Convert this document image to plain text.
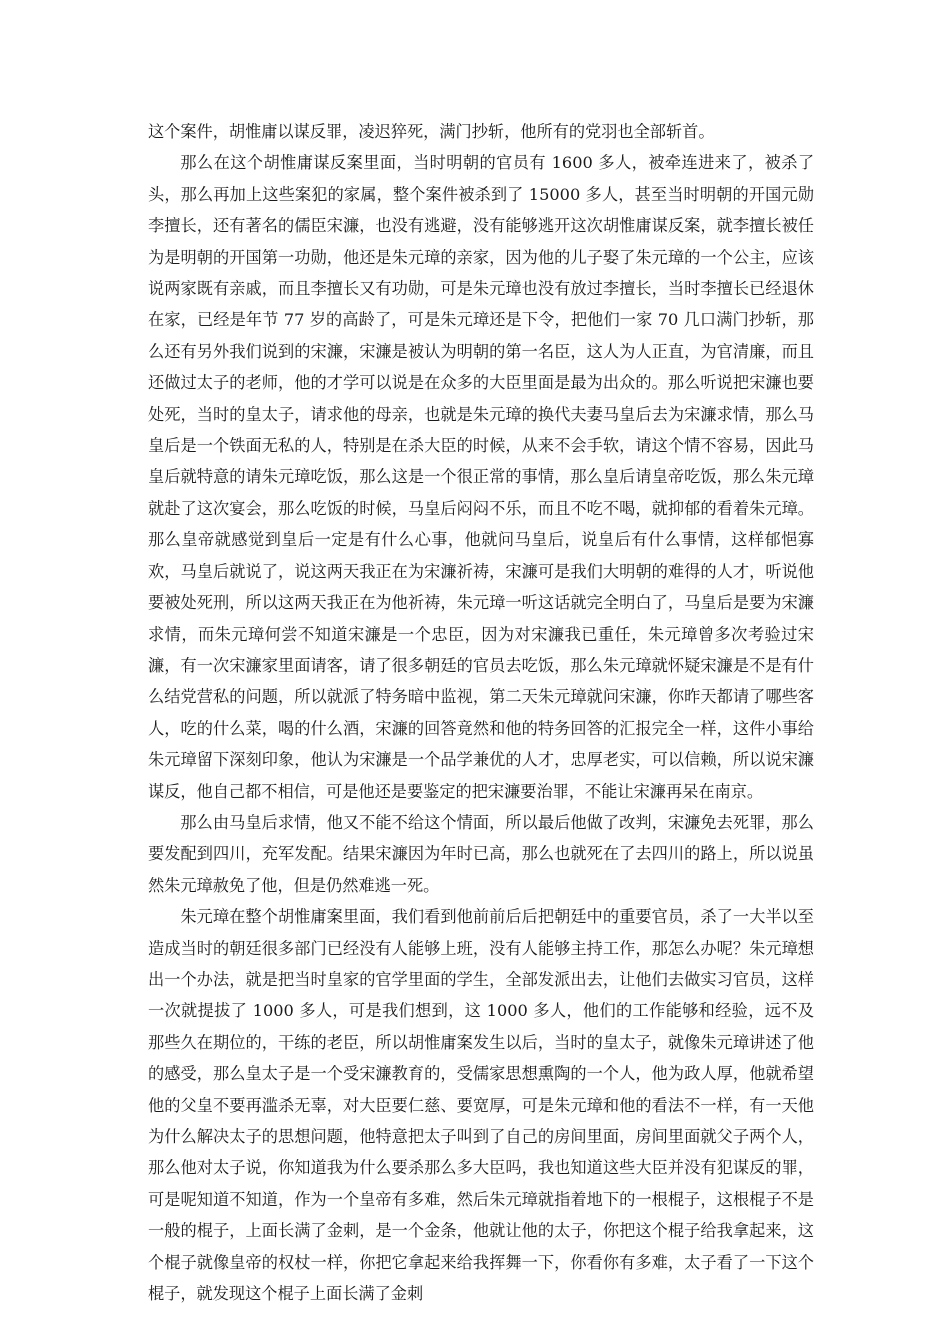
这个案件，胡惟庸以谋反罪，凌迟猝死，满门抄斩，他所有的党羽也全部斩首。

那么在这个胡惟庸谋反案里面，当时明朝的官员有 1600 多人，被牵连进来了，被杀了头，那么再加上这些案犯的家属，整个案件被杀到了 15000 多人，甚至当时明朝的开国元勋李擅长，还有著名的儒臣宋濂，也没有逃避，没有能够逃开这次胡惟庸谋反案，就李擅长被任为是明朝的开国第一功勋，他还是朱元璋的亲家，因为他的儿子娶了朱元璋的一个公主，应该说两家既有亲戚，而且李擅长又有功勋，可是朱元璋也没有放过李擅长，当时李擅长已经退休在家，已经是年节 77 岁的高龄了，可是朱元璋还是下令，把他们一家 70 几口满门抄斩，那么还有另外我们说到的宋濂，宋濂是被认为明朝的第一名臣，这人为人正直，为官清廉，而且还做过太子的老师，他的才学可以说是在众多的大臣里面是最为出众的。那么听说把宋濂也要处死，当时的皇太子，请求他的母亲，也就是朱元璋的换代夫妻马皇后去为宋濂求情，那么马皇后是一个铁面无私的人，特别是在杀大臣的时候，从来不会手软，请这个情不容易，因此马皇后就特意的请朱元璋吃饭，那么这是一个很正常的事情，那么皇后请皇帝吃饭，那么朱元璋就赴了这次宴会，那么吃饭的时候，马皇后闷闷不乐，而且不吃不喝，就抑郁的看着朱元璋。那么皇帝就感觉到皇后一定是有什么心事，他就问马皇后，说皇后有什么事情，这样郁悒寡欢，马皇后就说了，说这两天我正在为宋濂祈祷，宋濂可是我们大明朝的难得的人才，听说他要被处死刑，所以这两天我正在为他祈祷，朱元璋一听这话就完全明白了，马皇后是要为宋濂求情，而朱元璋何尝不知道宋濂是一个忠臣，因为对宋濂我已重任，朱元璋曾多次考验过宋濂，有一次宋濂家里面请客，请了很多朝廷的官员去吃饭，那么朱元璋就怀疑宋濂是不是有什么结党营私的问题，所以就派了特务暗中监视，第二天朱元璋就问宋濂，你昨天都请了哪些客人，吃的什么菜，喝的什么酒，宋濂的回答竟然和他的特务回答的汇报完全一样，这件小事给朱元璋留下深刻印象，他认为宋濂是一个品学兼优的人才，忠厚老实，可以信赖，所以说宋濂谋反，他自己都不相信，可是他还是要鉴定的把宋濂要治罪，不能让宋濂再呆在南京。

那么由马皇后求情，他又不能不给这个情面，所以最后他做了改判，宋濂免去死罪，那么要发配到四川，充军发配。结果宋濂因为年时已高，那么也就死在了去四川的路上，所以说虽然朱元璋赦免了他，但是仍然难逃一死。

朱元璋在整个胡惟庸案里面，我们看到他前前后后把朝廷中的重要官员，杀了一大半以至造成当时的朝廷很多部门已经没有人能够上班，没有人能够主持工作，那怎么办呢？朱元璋想出一个办法，就是把当时皇家的官学里面的学生，全部发派出去，让他们去做实习官员，这样一次就提拔了 1000 多人，可是我们想到，这 1000 多人，他们的工作能够和经验，远不及那些久在期位的，干练的老臣，所以胡惟庸案发生以后，当时的皇太子，就像朱元璋讲述了他的感受，那么皇太子是一个受宋濂教育的，受儒家思想熏陶的一个人，他为政人厚，他就希望他的父皇不要再滥杀无辜，对大臣要仁慈、要宽厚，可是朱元璋和他的看法不一样，有一天他为什么解决太子的思想问题，他特意把太子叫到了自己的房间里面，房间里面就父子两个人，那么他对太子说，你知道我为什么要杀那么多大臣吗，我也知道这些大臣并没有犯谋反的罪，可是呢知道不知道，作为一个皇帝有多难，然后朱元璋就指着地下的一根棍子，这根棍子不是一般的棍子，上面长满了金刺，是一个金条，他就让他的太子，你把这个棍子给我拿起来，这个棍子就像皇帝的权杖一样，你把它拿起来给我挥舞一下，你看你有多难，太子看了一下这个棍子，就发现这个棍子上面长满了金刺
